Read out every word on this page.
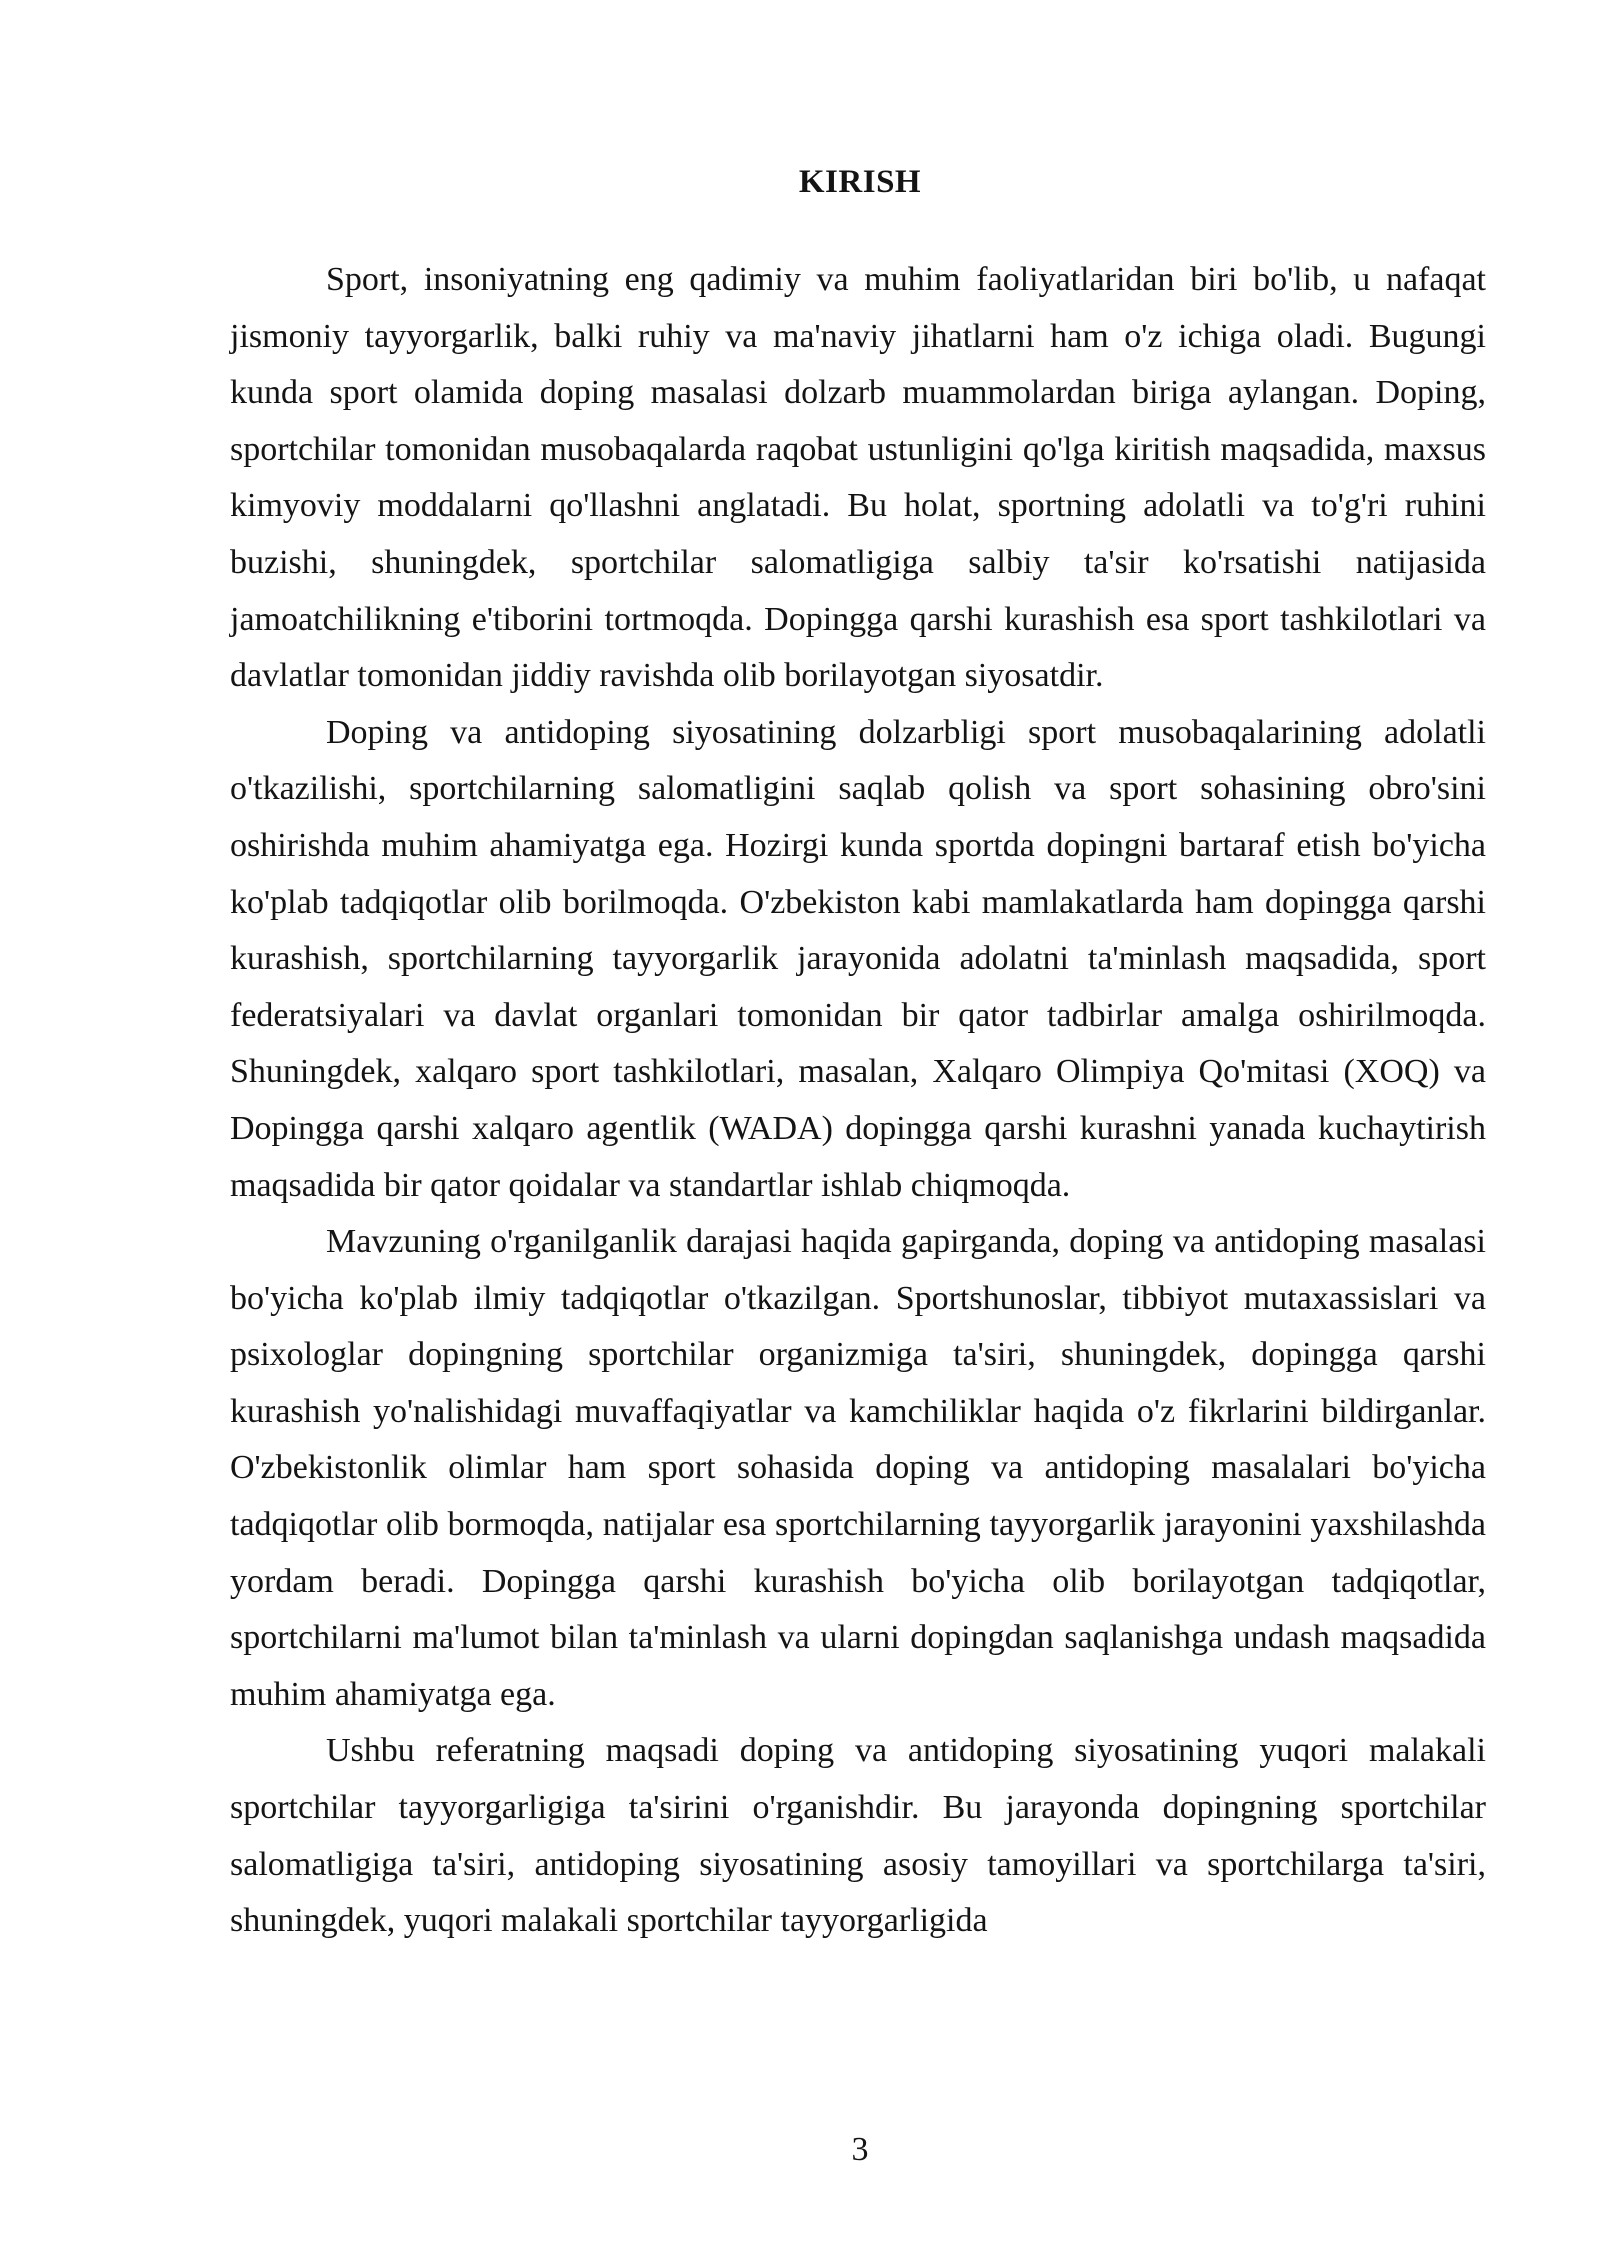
KIRISH

Sport, insoniyatning eng qadimiy va muhim faoliyatlaridan biri bo'lib, u nafaqat jismoniy tayyorgarlik, balki ruhiy va ma'naviy jihatlarni ham o'z ichiga oladi. Bugungi kunda sport olamida doping masalasi dolzarb muammolardan biriga aylangan. Doping, sportchilar tomonidan musobaqalarda raqobat ustunligini qo'lga kiritish maqsadida, maxsus kimyoviy moddalarni qo'llashni anglatadi. Bu holat, sportning adolatli va to'g'ri ruhini buzishi, shuningdek, sportchilar salomatligiga salbiy ta'sir ko'rsatishi natijasida jamoatchilikning e'tiborini tortmoqda. Dopingga qarshi kurashish esa sport tashkilotlari va davlatlar tomonidan jiddiy ravishda olib borilayotgan siyosatdir.

Doping va antidoping siyosatining dolzarbligi sport musobaqalarining adolatli o'tkazilishi, sportchilarning salomatligini saqlab qolish va sport sohasining obro'sini oshirishda muhim ahamiyatga ega. Hozirgi kunda sportda dopingni bartaraf etish bo'yicha ko'plab tadqiqotlar olib borilmoqda. O'zbekiston kabi mamlakatlarda ham dopingga qarshi kurashish, sportchilarning tayyorgarlik jarayonida adolatni ta'minlash maqsadida, sport federatsiyalari va davlat organlari tomonidan bir qator tadbirlar amalga oshirilmoqda. Shuningdek, xalqaro sport tashkilotlari, masalan, Xalqaro Olimpiya Qo'mitasi (XOQ) va Dopingga qarshi xalqaro agentlik (WADA) dopingga qarshi kurashni yanada kuchaytirish maqsadida bir qator qoidalar va standartlar ishlab chiqmoqda.

Mavzuning o'rganilganlik darajasi haqida gapirganda, doping va antidoping masalasi bo'yicha ko'plab ilmiy tadqiqotlar o'tkazilgan. Sportshunoslar, tibbiyot mutaxassislari va psixologlar dopingning sportchilar organizmiga ta'siri, shuningdek, dopingga qarshi kurashish yo'nalishidagi muvaffaqiyatlar va kamchiliklar haqida o'z fikrlarini bildirganlar. O'zbekistonlik olimlar ham sport sohasida doping va antidoping masalalari bo'yicha tadqiqotlar olib bormoqda, natijalar esa sportchilarning tayyorgarlik jarayonini yaxshilashda yordam beradi. Dopingga qarshi kurashish bo'yicha olib borilayotgan tadqiqotlar, sportchilarni ma'lumot bilan ta'minlash va ularni dopingdan saqlanishga undash maqsadida muhim ahamiyatga ega.

Ushbu referatning maqsadi doping va antidoping siyosatining yuqori malakali sportchilar tayyorgarligiga ta'sirini o'rganishdir. Bu jarayonda dopingning sportchilar salomatligiga ta'siri, antidoping siyosatining asosiy tamoyillari va sportchilarga ta'siri, shuningdek, yuqori malakali sportchilar tayyorgarligida

3
